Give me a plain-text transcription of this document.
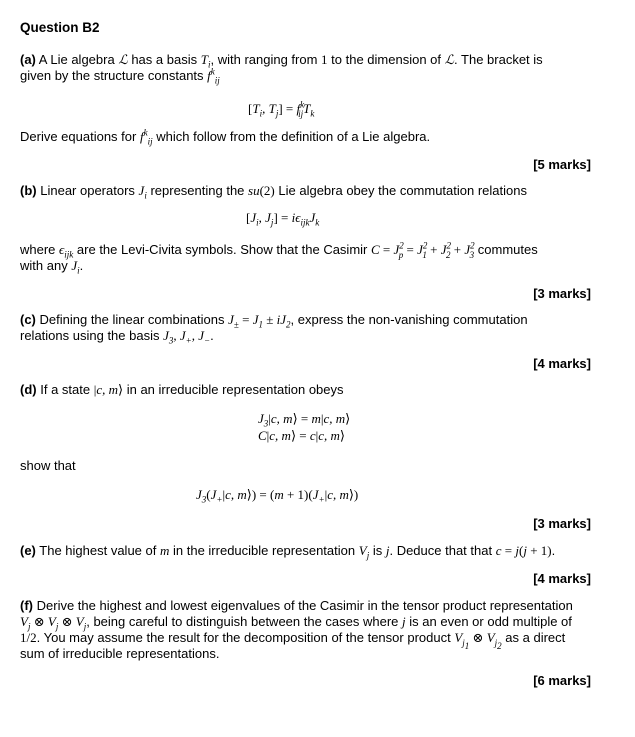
Question B2
(a) A Lie algebra ℒ has a basis $T_i$, with ranging from 1 to the dimension of ℒ. The bracket is
given by the structure constants $f^k_{ij}$
[$T_i$, $T_j] = f^k_{ij}T_k$
Derive equations for $f^k_{ij}$ which follow from the definition of a Lie algebra.
[5 marks]
(b) Linear operators $J_i$ representing the su(2) Lie algebra obey the commutation relations
[$J_i$, $J_j] = i\epsilon_{ijk}J_k$
where $\epsilon_{ijk}$ are the Levi-Civita symbols. Show that the Casimir $C = J^2_p = J^2_1 + J^2_2 + J^2_3$ commutes
with any $J_i$.
[3 marks]
(c) Defining the linear combinations $J_\pm = J_1 \pm iJ_2$, express the non-vanishing commutation
relations using the basis $J_3$, $J_+$, $J_-$.
[4 marks]
(d) If a state |c, m⟩ in an irreducible representation obeys
$J_3|c$, m⟩ = m|c, m⟩
C|c, m⟩ = c|c, m⟩
show that
$J_3(J_+|c$, m⟩) = $(m + 1)(J_+|c$, m⟩)
[3 marks]
(e) The highest value of m in the irreducible representation $V_j$ is j. Deduce that that c = j(j + 1).
[4 marks]
(f) Derive the highest and lowest eigenvalues of the Casimir in the tensor product representation
$V_j$ ⊗ $V_j$ ⊗ $V_j$, being careful to distinguish between the cases where j is an even or odd multiple of
1/2. You may assume the result for the decomposition of the tensor product $V_{j_1}$ ⊗ $V_{j_2}$ as a direct
sum of irreducible representations.
[6 marks]
